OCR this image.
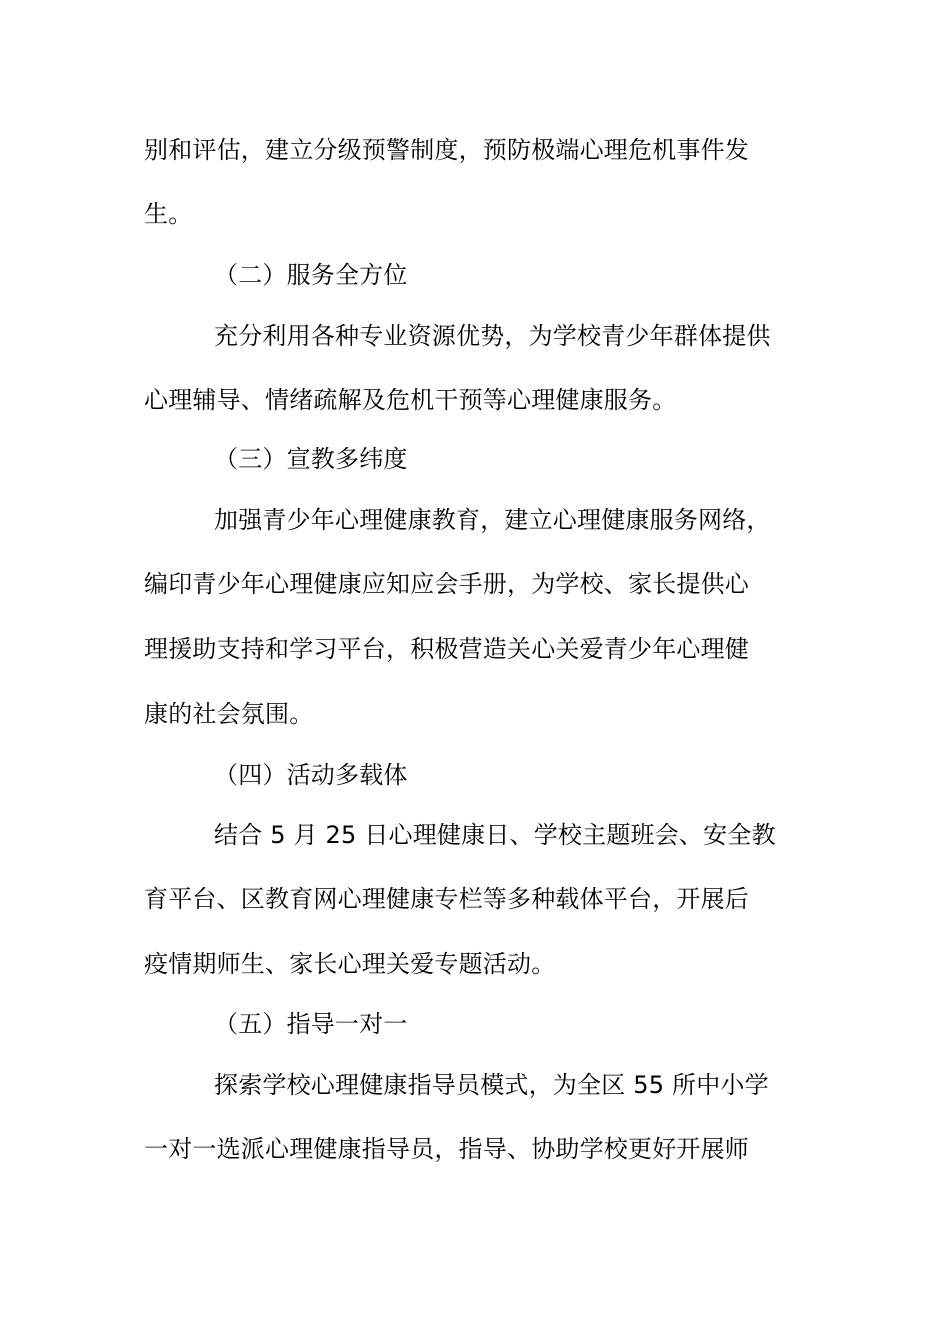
别和评估，建立分级预警制度，预防极端心理危机事件发
生。
（二）服务全方位
充分利用各种专业资源优势，为学校青少年群体提供
心理辅导、情绪疏解及危机干预等心理健康服务。
（三）宣教多纬度
加强青少年心理健康教育，建立心理健康服务网络，
编印青少年心理健康应知应会手册，为学校、家长提供心
理援助支持和学习平台，积极营造关心关爱青少年心理健
康的社会氛围。
（四）活动多载体
结合 5 月 25 日心理健康日、学校主题班会、安全教
育平台、区教育网心理健康专栏等多种载体平台，开展后
疫情期师生、家长心理关爱专题活动。
（五）指导一对一
探索学校心理健康指导员模式，为全区 55 所中小学
一对一选派心理健康指导员，指导、协助学校更好开展师
